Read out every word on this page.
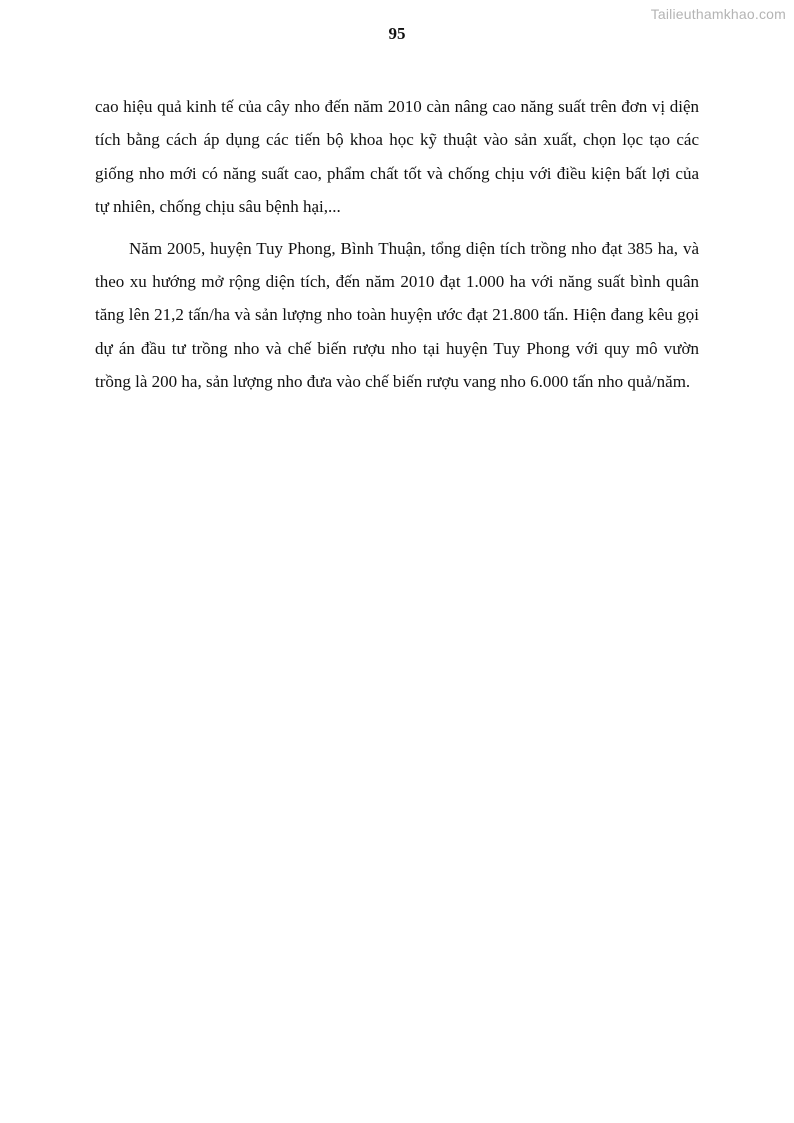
Tailieuthamkhao.com
95

cao hiệu quả kinh tế của cây nho đến năm 2010 càn nâng cao năng suất trên đơn vị diện tích bằng cách áp dụng các tiến bộ khoa học kỹ thuật vào sản xuất, chọn lọc tạo các giống nho mới có năng suất cao, phẩm chất tốt và chống chịu với điều kiện bất lợi của tự nhiên, chống chịu sâu bệnh hại,...

Năm 2005, huyện Tuy Phong, Bình Thuận, tổng diện tích trồng nho đạt 385 ha, và theo xu hướng mở rộng diện tích, đến năm 2010 đạt 1.000 ha với năng suất bình quân tăng lên 21,2 tấn/ha và sản lượng nho toàn huyện ước đạt 21.800 tấn. Hiện đang kêu gọi dự án đầu tư trồng nho và chế biến rượu nho tại huyện Tuy Phong với quy mô vườn trồng là 200 ha, sản lượng nho đưa vào chế biến rượu vang nho 6.000 tấn nho quả/năm.
